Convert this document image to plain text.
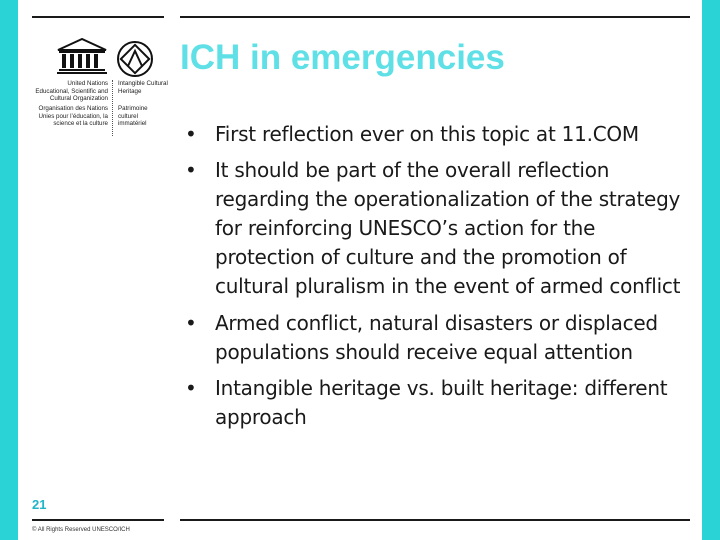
United Nations Educational, Scientific and Cultural Organization
Organisation des Nations Unies pour l’éducation, la science et la culture
Intangible Cultural Heritage
Patrimoine culturel immatériel
ICH in emergencies
• First reflection ever on this topic at 11.COM
• It should be part of the overall reflection regarding the operationalization of the strategy for reinforcing UNESCO’s action for the protection of culture and the promotion of cultural pluralism in the event of armed conflict
• Armed conflict, natural disasters or displaced populations should receive equal attention
• Intangible heritage vs. built heritage: different approach
21
© All Rights Reserved UNESCO/ICH
